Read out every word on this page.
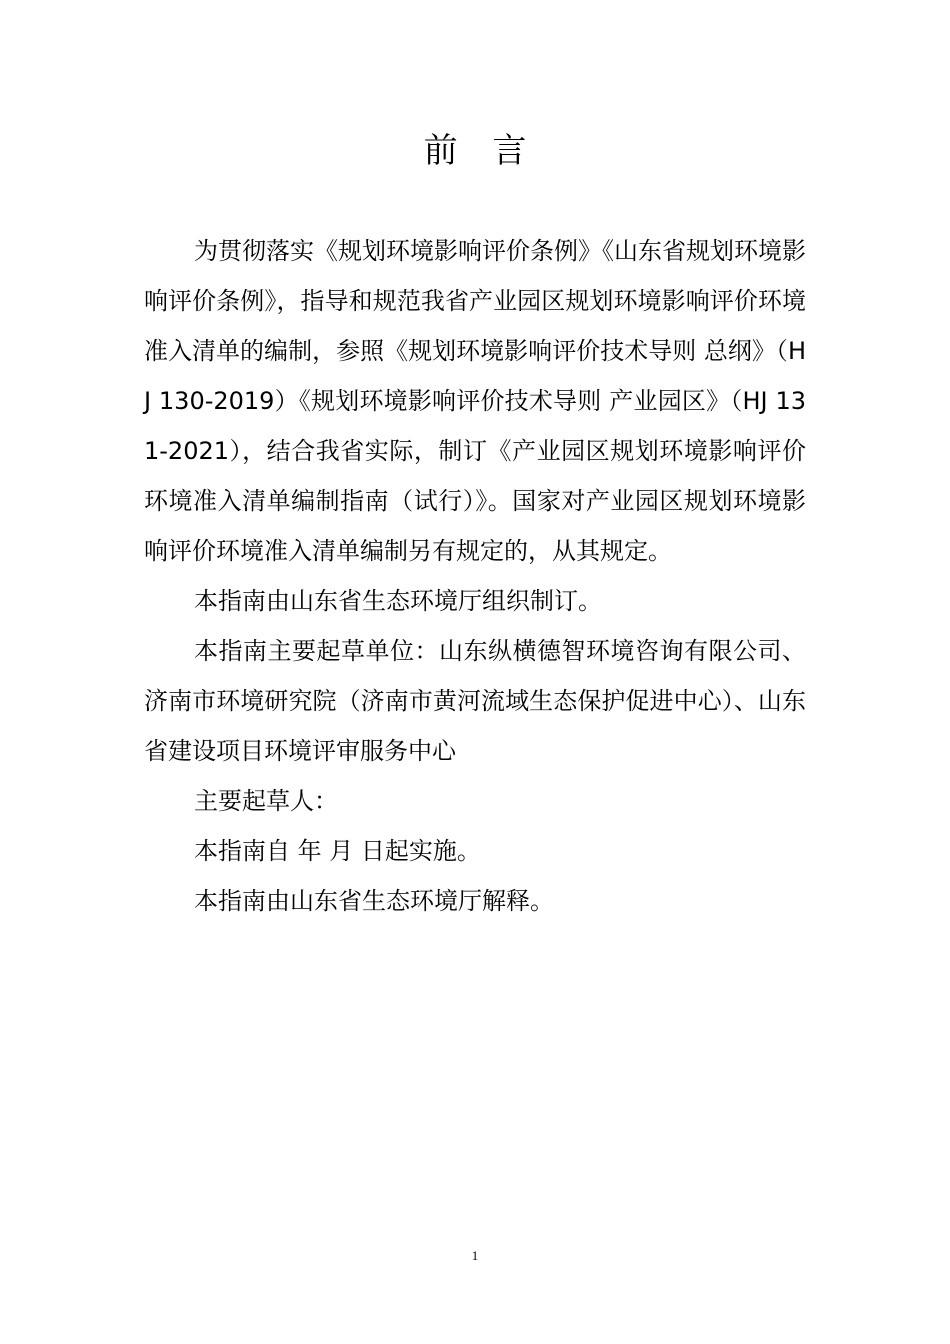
前 言

为贯彻落实《规划环境影响评价条例》《山东省规划环境影响评价条例》，指导和规范我省产业园区规划环境影响评价环境准入清单的编制，参照《规划环境影响评价技术导则 总纲》（HJ 130-2019）《规划环境影响评价技术导则 产业园区》（HJ 131-2021），结合我省实际，制订《产业园区规划环境影响评价环境准入清单编制指南（试行）》。国家对产业园区规划环境影响评价环境准入清单编制另有规定的，从其规定。

本指南由山东省生态环境厅组织制订。

本指南主要起草单位：山东纵横德智环境咨询有限公司、济南市环境研究院（济南市黄河流域生态保护促进中心）、山东省建设项目环境评审服务中心

主要起草人：

本指南自 年 月 日起实施。

本指南由山东省生态环境厅解释。

1
